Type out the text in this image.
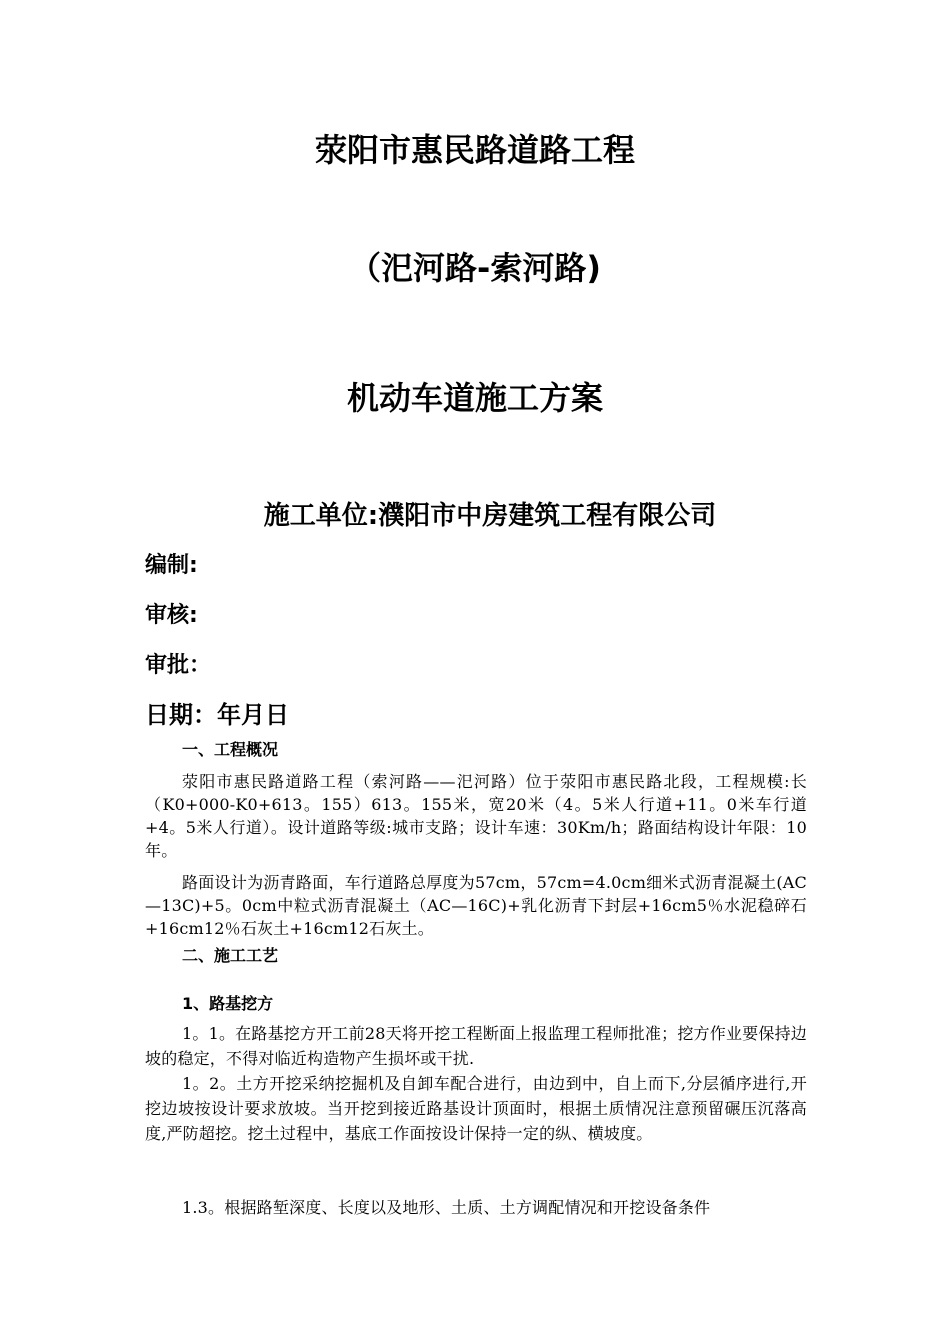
荥阳市惠民路道路工程
（汜河路-索河路)
机动车道施工方案
施工单位:濮阳市中房建筑工程有限公司
编制:
审核:
审批：
日期：年月日
一、工程概况

荥阳市惠民路道路工程（索河路——汜河路）位于荥阳市惠民路北段，工程规模:长（K0+000-K0+613。155）613。155米，宽20米（4。5米人行道+11。0米车行道+4。5米人行道）。设计道路等级:城市支路；设计车速：30Km/h；路面结构设计年限：10年。

路面设计为沥青路面，车行道路总厚度为57cm，57cm=4.0cm细米式沥青混凝土(AC—13C)+5。0cm中粒式沥青混凝土（AC—16C)+乳化沥青下封层+16cm5％水泥稳碎石+16cm12％石灰土+16cm12石灰土。

二、施工工艺
1、路基挖方

1。1。在路基挖方开工前28天将开挖工程断面上报监理工程师批准；挖方作业要保持边坡的稳定，不得对临近构造物产生损坏或干扰.

1。2。土方开挖采纳挖掘机及自卸车配合进行，由边到中，自上而下,分层循序进行,开挖边坡按设计要求放坡。当开挖到接近路基设计顶面时，根据土质情况注意预留碾压沉落高度,严防超挖。挖土过程中，基底工作面按设计保持一定的纵、横坡度。

1.3。根据路堑深度、长度以及地形、土质、土方调配情况和开挖设备条件
